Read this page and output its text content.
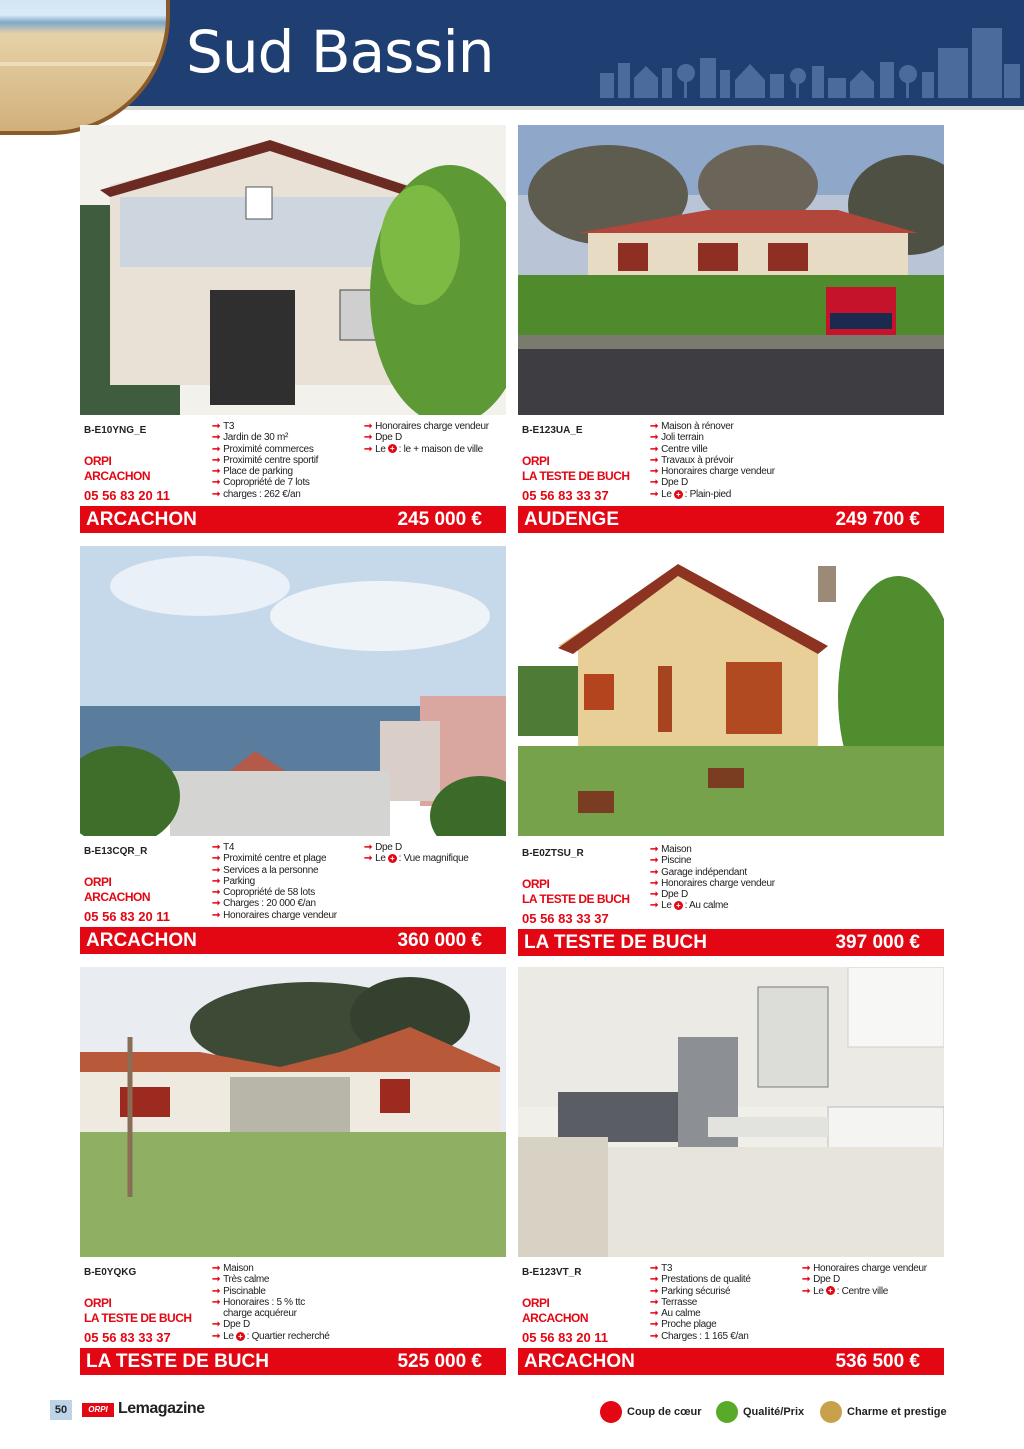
Sud Bassin
B-E10YNG_E
ORPI
ARCACHON
05 56 83 20 11
➞ T3
➞ Jardin de 30 m²
➞ Proximité commerces
➞ Proximité centre sportif
➞ Place de parking
➞ Copropriété de 7 lots
➞ charges : 262 €/an
➞ Honoraires charge vendeur
➞ Dpe D
➞ Le + : le + maison de ville
ARCACHON	245 000 €
B-E123UA_E
ORPI
LA TESTE DE BUCH
05 56 83 33 37
➞ Maison à rénover
➞ Joli terrain
➞ Centre ville
➞ Travaux à prévoir
➞ Honoraires charge vendeur
➞ Dpe D
➞ Le + : Plain-pied
AUDENGE	249 700 €
B-E13CQR_R
ORPI
ARCACHON
05 56 83 20 11
➞ T4
➞ Proximité centre et plage
➞ Services a la personne
➞ Parking
➞ Copropriété de 58 lots
➞ Charges : 20 000 €/an
➞ Honoraires charge vendeur
➞ Dpe D
➞ Le + : Vue magnifique
ARCACHON	360 000 €
B-E0ZTSU_R
ORPI
LA TESTE DE BUCH
05 56 83 33 37
➞ Maison
➞ Piscine
➞ Garage indépendant
➞ Honoraires charge vendeur
➞ Dpe D
➞ Le + : Au calme
LA TESTE DE BUCH	397 000 €
B-E0YQKG
ORPI
LA TESTE DE BUCH
05 56 83 33 37
➞ Maison
➞ Très calme
➞ Piscinable
➞ Honoraires : 5 % ttc
charge acquéreur
➞ Dpe D
➞ Le + : Quartier recherché
LA TESTE DE BUCH	525 000 €
B-E123VT_R
ORPI
ARCACHON
05 56 83 20 11
➞ T3
➞ Prestations de qualité
➞ Parking sécurisé
➞ Terrasse
➞ Au calme
➞ Proche plage
➞ Charges : 1 165 €/an
➞ Honoraires charge vendeur
➞ Dpe D
➞ Le + : Centre ville
ARCACHON	536 500 €
50	ORPI Lemagazine	Coup de cœur	Qualité/Prix	Charme et prestige
